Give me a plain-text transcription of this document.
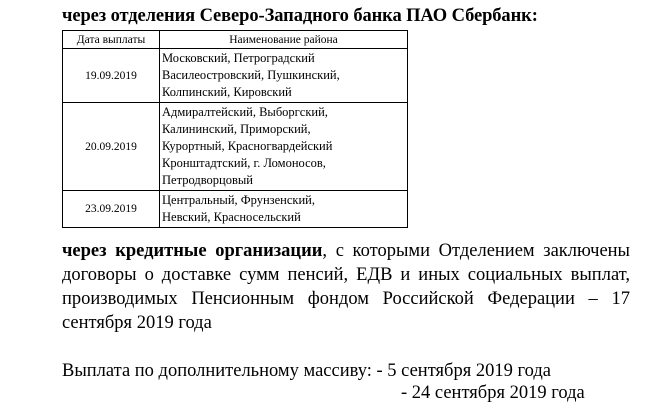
через отделения Северо-Западного банка ПАО Сбербанк:
Дата выплаты	Наименование района
19.09.2019	Московский, Петроградский
Василеостровский, Пушкинский,
Колпинский, Кировский

20.09.2019	Адмиралтейский, Выборгский,
Калининский, Приморский,
Курортный, Красногвардейский
Кронштадтский, г. Ломоносов,
Петродворцовый

23.09.2019	Центральный, Фрунзенский,
Невский, Красносельский
через кредитные организации, с которыми Отделением заключены договоры о доставке сумм пенсий, ЕДВ и иных социальных выплат, производимых Пенсионным фондом Российской Федерации – 17 сентября 2019 года
Выплата по дополнительному массиву: - 5 сентября 2019 года
- 24 сентября 2019 года
